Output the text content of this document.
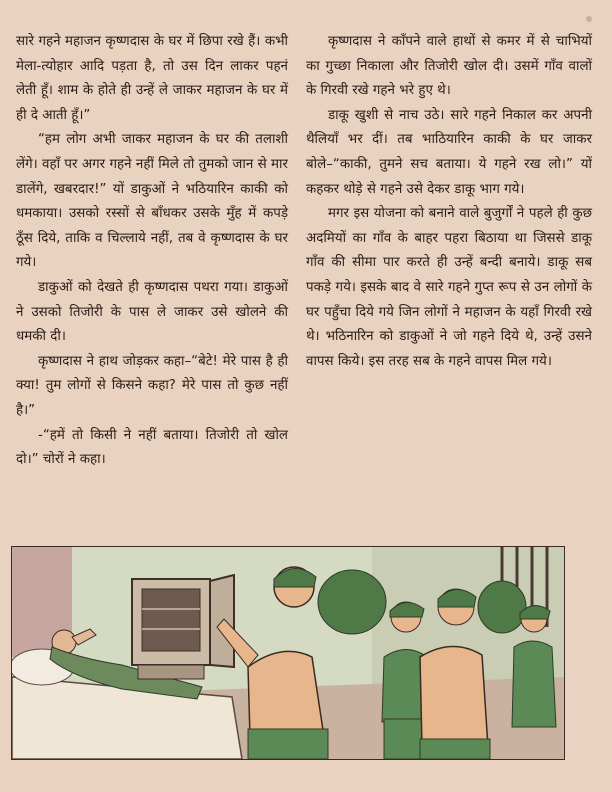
सारे गहने महाजन कृष्णदास के घर में छिपा रखे हैं। कभी मेला-त्योहार आदि पड़ता है, तो उस दिन लाकर पहनं लेती हूँ। शाम के होते ही उन्हें ले जाकर महाजन के घर में ही दे आती हूँ।”

“हम लोग अभी जाकर महाजन के घर की तलाशी लेंगे। वहाँ पर अगर गहने नहीं मिले तो तुमको जान से मार डालेंगे, खबरदार!” यों डाकुओं ने भठियारिन काकी को धमकाया। उसको रस्सों से बाँधकर उसके मुँह में कपड़े ठूँस दिये, ताकि व चिल्लाये नहीं, तब वे कृष्णदास के घर गये।

डाकुओं को देखते ही कृष्णदास पथरा गया। डाकुओं ने उसको तिजोरी के पास ले जाकर उसे खोलने की धमकी दी।

कृष्णदास ने हाथ जोड़कर कहा–“बेटे! मेरे पास है ही क्या! तुम लोगों से किसने कहा? मेरे पास तो कुछ नहीं है।”

-“हमें तो किसी ने नहीं बताया। तिजोरी तो खोल दो।” चोरों ने कहा।

कृष्णदास ने काँपने वाले हाथों से कमर में से चाभियों का गुच्छा निकाला और तिजोरी खोल दी। उसमें गाँव वालों के गिरवी रखे गहने भरे हुए थे।

डाकू खुशी से नाच उठे। सारे गहने निकाल कर अपनी थैलियाँ भर दीं। तब भाठियारिन काकी के घर जाकर बोले–“काकी, तुमने सच बताया। ये गहने रख लो।” यों कहकर थोड़े से गहने उसे देकर डाकू भाग गये।

मगर इस योजना को बनाने वाले बुजुर्गों ने पहले ही कुछ अदमियों का गाँव के बाहर पहरा बिठाया था जिससे डाकू गाँव की सीमा पार करते ही उन्हें बन्दी बनाये। डाकू सब पकड़े गये। इसके बाद वे सारे गहने गुप्त रूप से उन लोगों के घर पहुँचा दिये गये जिन लोगों ने महाजन के यहाँ गिरवी रखे थे। भठिनारिन को डाकुओं ने जो गहने दिये थे, उन्हें उसने वापस किये। इस तरह सब के गहने वापस मिल गये।
